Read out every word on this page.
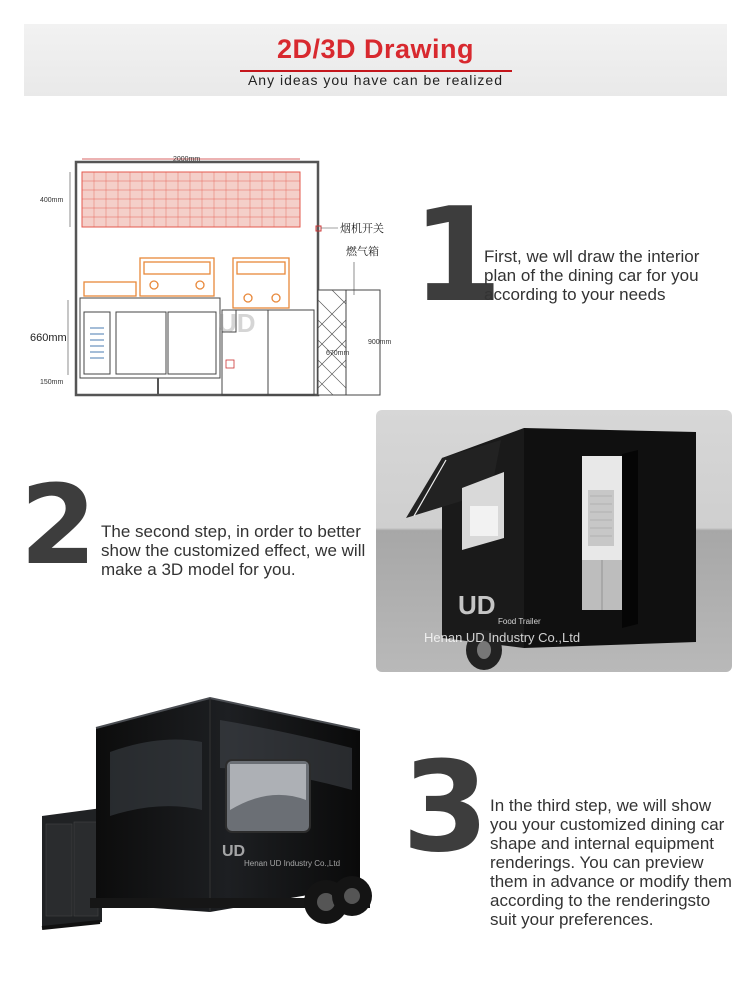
2D/3D Drawing
Any ideas you have can be realized
2000mm
400mm
660mm
150mm
烟机开关
燃气箱
670mm
900mm
UD 1
First, we wll draw the interior plan of the dining car for you according to your needs
UD
Food Trailer
Henan UD Industry Co.,Ltd
2 The second step, in order to better show the customized effect, we will make a 3D model for you.
UD
Henan UD Industry Co.,Ltd 3 In the third step, we will show you your customized dining car shape and internal equipment renderings. You can preview them in advance or modify them according to the renderingsto suit your preferences.
